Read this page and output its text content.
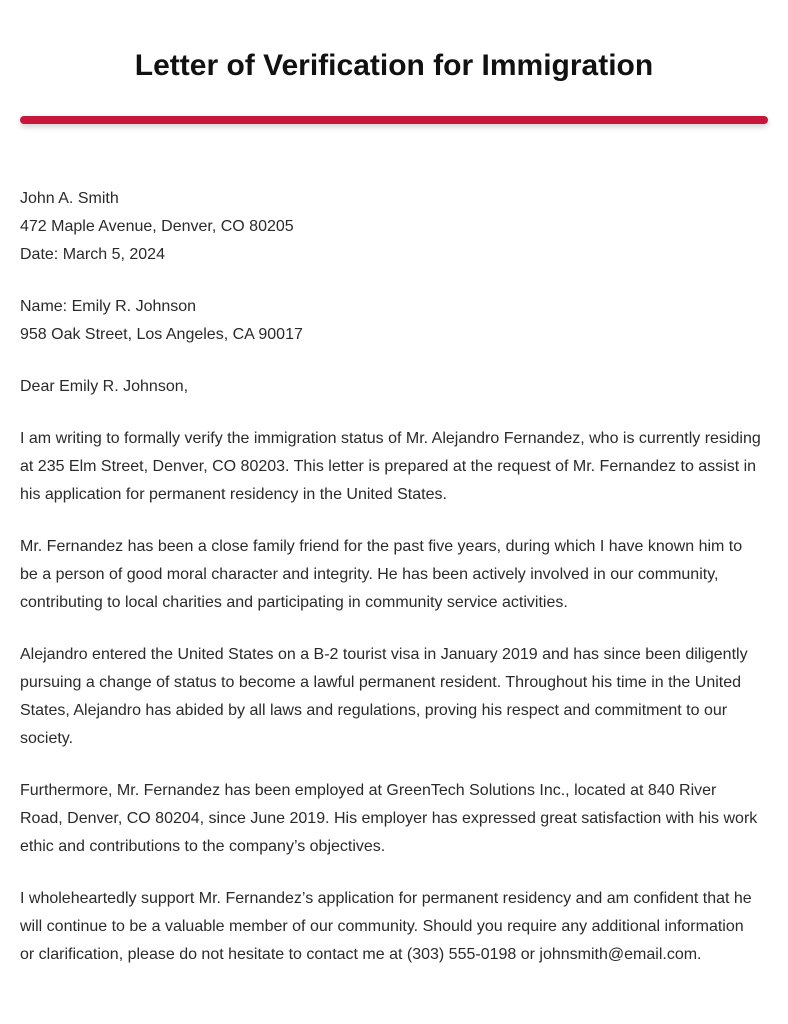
Letter of Verification for Immigration
John A. Smith
472 Maple Avenue, Denver, CO 80205
Date: March 5, 2024
Name: Emily R. Johnson
958 Oak Street, Los Angeles, CA 90017

Dear Emily R. Johnson,

I am writing to formally verify the immigration status of Mr. Alejandro Fernandez, who is currently residing at 235 Elm Street, Denver, CO 80203. This letter is prepared at the request of Mr. Fernandez to assist in his application for permanent residency in the United States.

Mr. Fernandez has been a close family friend for the past five years, during which I have known him to be a person of good moral character and integrity. He has been actively involved in our community, contributing to local charities and participating in community service activities.

Alejandro entered the United States on a B-2 tourist visa in January 2019 and has since been diligently pursuing a change of status to become a lawful permanent resident. Throughout his time in the United States, Alejandro has abided by all laws and regulations, proving his respect and commitment to our society.

Furthermore, Mr. Fernandez has been employed at GreenTech Solutions Inc., located at 840 River Road, Denver, CO 80204, since June 2019. His employer has expressed great satisfaction with his work ethic and contributions to the company’s objectives.

I wholeheartedly support Mr. Fernandez’s application for permanent residency and am confident that he will continue to be a valuable member of our community. Should you require any additional information or clarification, please do not hesitate to contact me at (303) 555-0198 or johnsmith@email.com.
